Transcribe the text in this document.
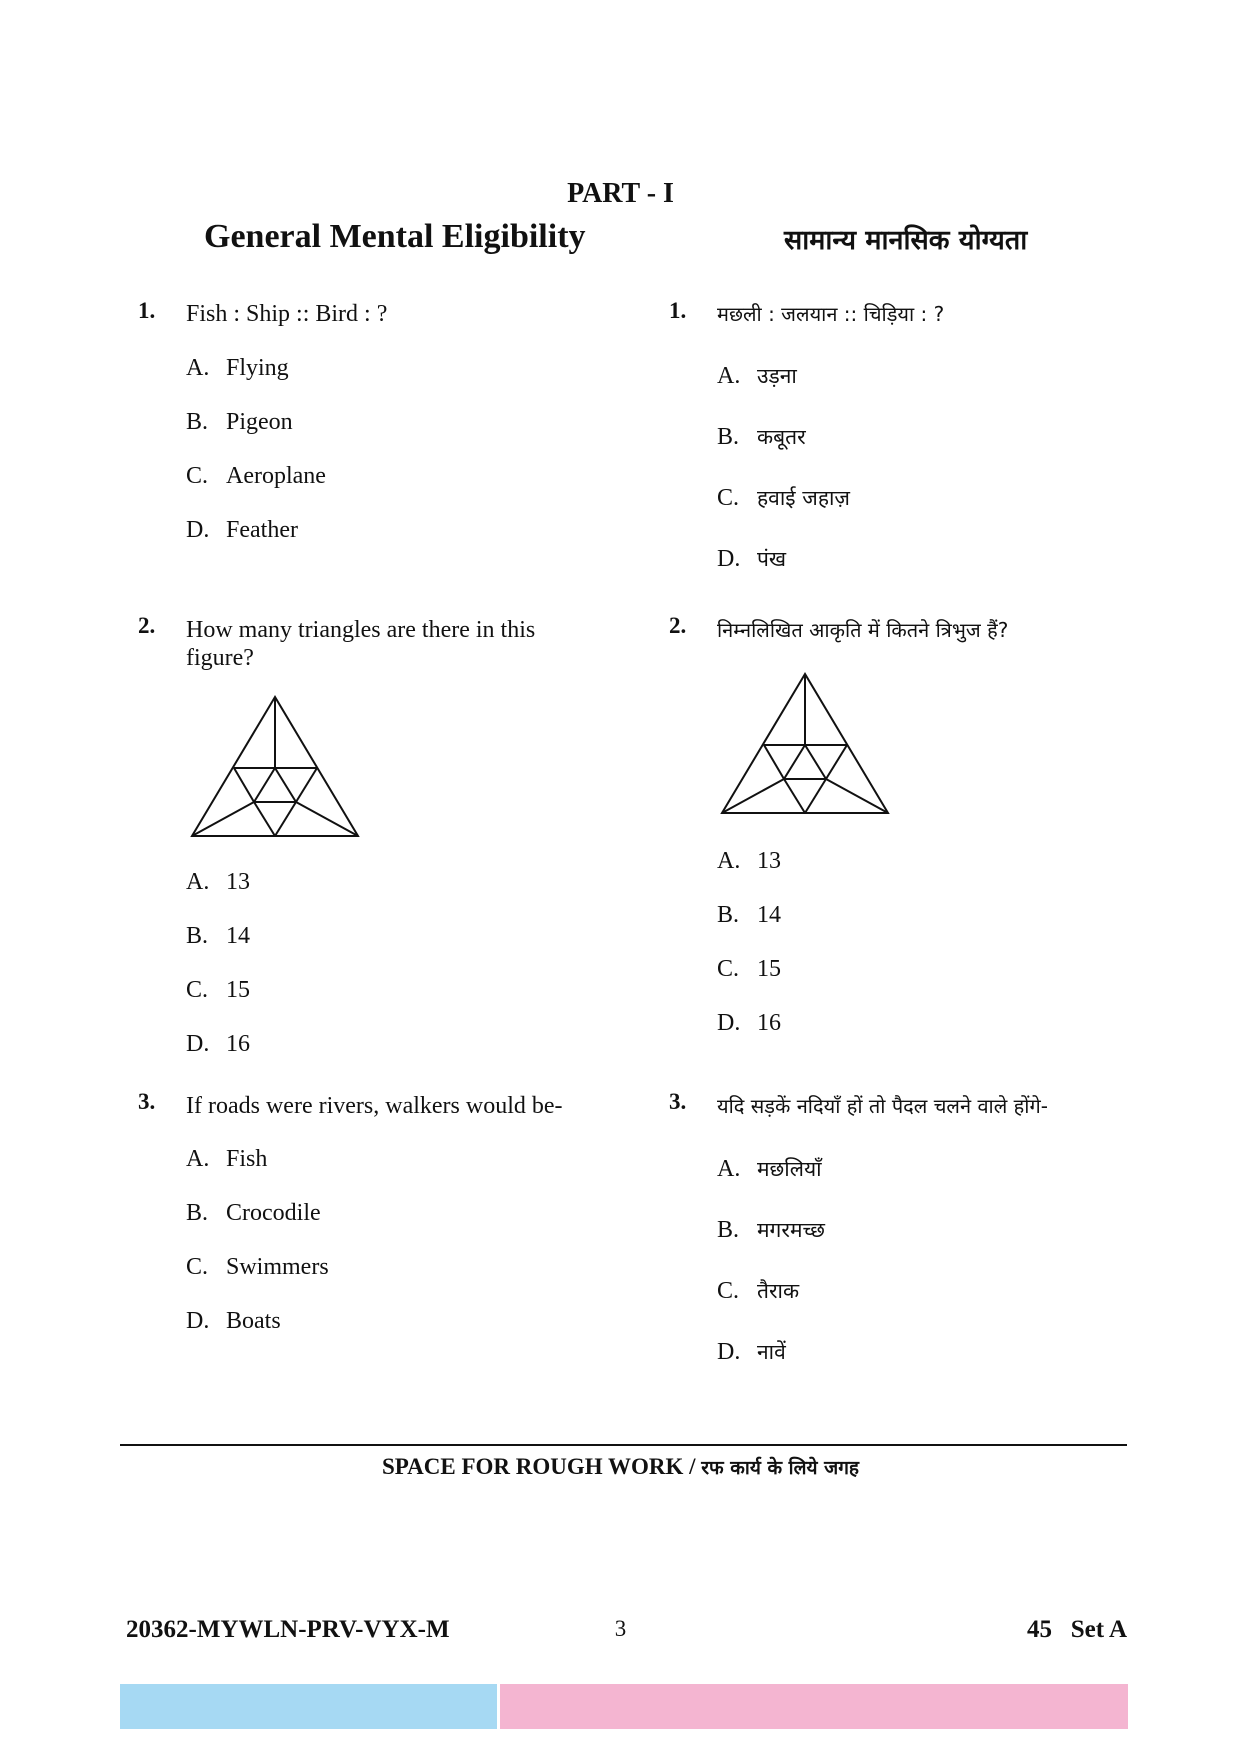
PART - I
General Mental Eligibility	सामान्य मानसिक योग्यता
1. Fish : Ship :: Bird : ?
A. Flying
B. Pigeon
C. Aeroplane
D. Feather
2. How many triangles are there in this figure?
A. 13
B. 14
C. 15
D. 16
3. If roads were rivers, walkers would be-
A. Fish
B. Crocodile
C. Swimmers
D. Boats
1. मछली : जलयान :: चिड़िया : ?
A. उड़ना
B. कबूतर
C. हवाई जहाज़
D. पंख
2. निम्नलिखित आकृति में कितने त्रिभुज हैं?
A. 13
B. 14
C. 15
D. 16
3. यदि सड़कें नदियाँ हों तो पैदल चलने वाले होंगे-
A. मछलियाँ
B. मगरमच्छ
C. तैराक
D. नावें
SPACE FOR ROUGH WORK / रफ कार्य के लिये जगह
20362-MYWLN-PRV-VYX-M	3	45   Set A
